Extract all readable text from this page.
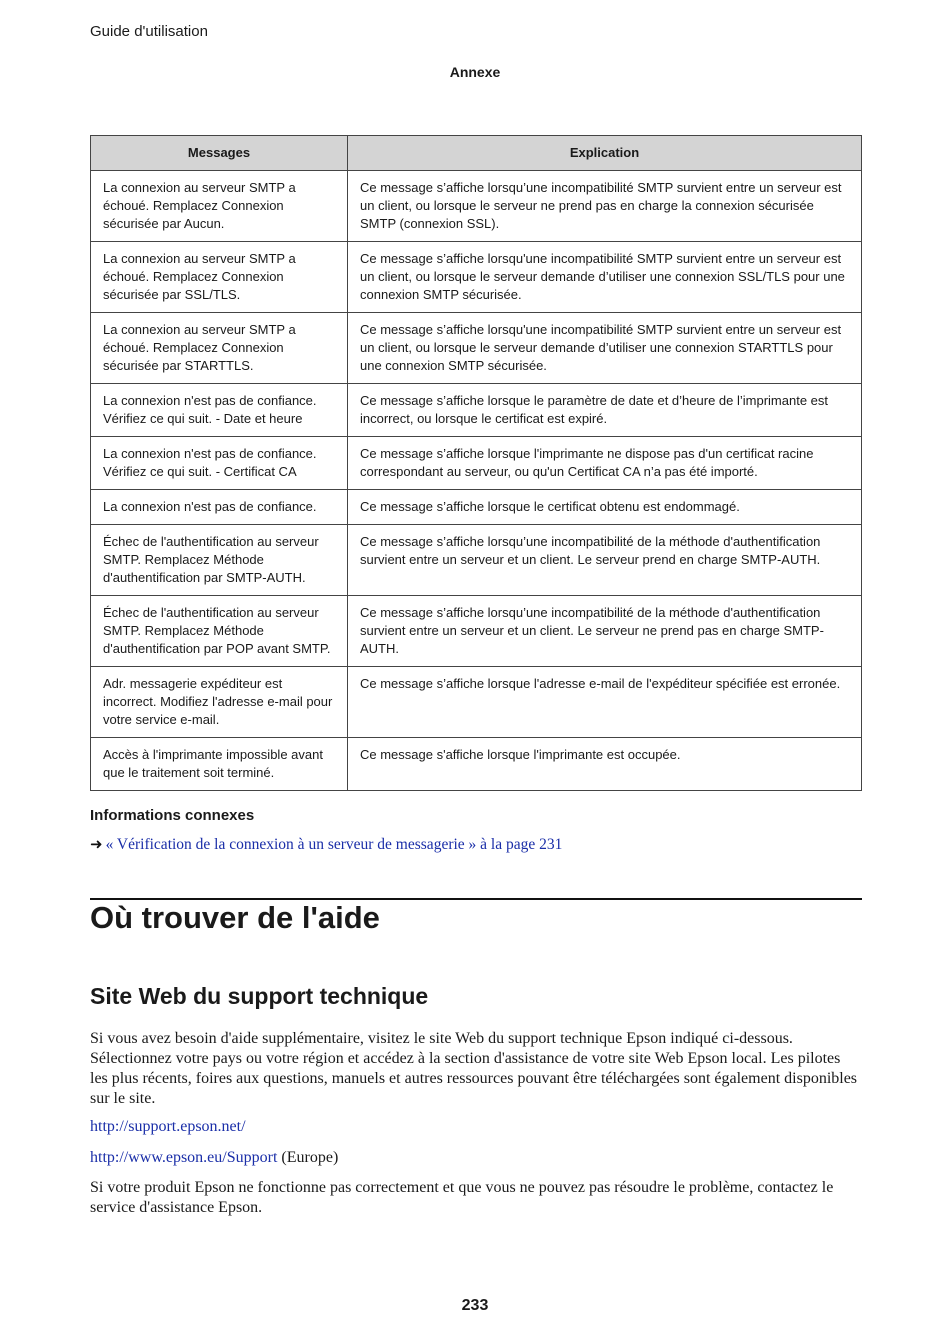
Guide d'utilisation
Annexe
Messages	Explication
La connexion au serveur SMTP a échoué. Remplacez Connexion sécurisée par Aucun.	Ce message s’affiche lorsqu’une incompatibilité SMTP survient entre un serveur est un client, ou lorsque le serveur ne prend pas en charge la connexion sécurisée SMTP (connexion SSL).
La connexion au serveur SMTP a échoué. Remplacez Connexion sécurisée par SSL/TLS.	Ce message s’affiche lorsqu'une incompatibilité SMTP survient entre un serveur est un client, ou lorsque le serveur demande d’utiliser une connexion SSL/TLS pour une connexion SMTP sécurisée.
La connexion au serveur SMTP a échoué. Remplacez Connexion sécurisée par STARTTLS.	Ce message s’affiche lorsqu'une incompatibilité SMTP survient entre un serveur est un client, ou lorsque le serveur demande d’utiliser une connexion STARTTLS pour une connexion SMTP sécurisée.
La connexion n'est pas de confiance. Vérifiez ce qui suit. - Date et heure	Ce message s’affiche lorsque le paramètre de date et d’heure de l’imprimante est incorrect, ou lorsque le certificat est expiré.
La connexion n'est pas de confiance. Vérifiez ce qui suit. - Certificat CA	Ce message s’affiche lorsque l'imprimante ne dispose pas d'un certificat racine correspondant au serveur, ou qu'un Certificat CA n’a pas été importé.
La connexion n'est pas de confiance.	Ce message s’affiche lorsque le certificat obtenu est endommagé.
Échec de l'authentification au serveur SMTP. Remplacez Méthode d'authentification par SMTP-AUTH.	Ce message s’affiche lorsqu’une incompatibilité de la méthode d'authentification survient entre un serveur et un client. Le serveur prend en charge SMTP-AUTH.
Échec de l'authentification au serveur SMTP. Remplacez Méthode d'authentification par POP avant SMTP.	Ce message s’affiche lorsqu’une incompatibilité de la méthode d'authentification survient entre un serveur et un client. Le serveur ne prend pas en charge SMTP-AUTH.
Adr. messagerie expéditeur est incorrect. Modifiez l'adresse e-mail pour votre service e-mail.	Ce message s’affiche lorsque l'adresse e-mail de l'expéditeur spécifiée est erronée.
Accès à l'imprimante impossible avant que le traitement soit terminé.	Ce message s'affiche lorsque l'imprimante est occupée.
Informations connexes
➜ « Vérification de la connexion à un serveur de messagerie » à la page 231
Où trouver de l'aide
Site Web du support technique
Si vous avez besoin d'aide supplémentaire, visitez le site Web du support technique Epson indiqué ci-dessous. Sélectionnez votre pays ou votre région et accédez à la section d'assistance de votre site Web Epson local. Les pilotes les plus récents, foires aux questions, manuels et autres ressources pouvant être téléchargées sont également disponibles sur le site.
http://support.epson.net/
http://www.epson.eu/Support (Europe)
Si votre produit Epson ne fonctionne pas correctement et que vous ne pouvez pas résoudre le problème, contactez le service d'assistance Epson.
233
